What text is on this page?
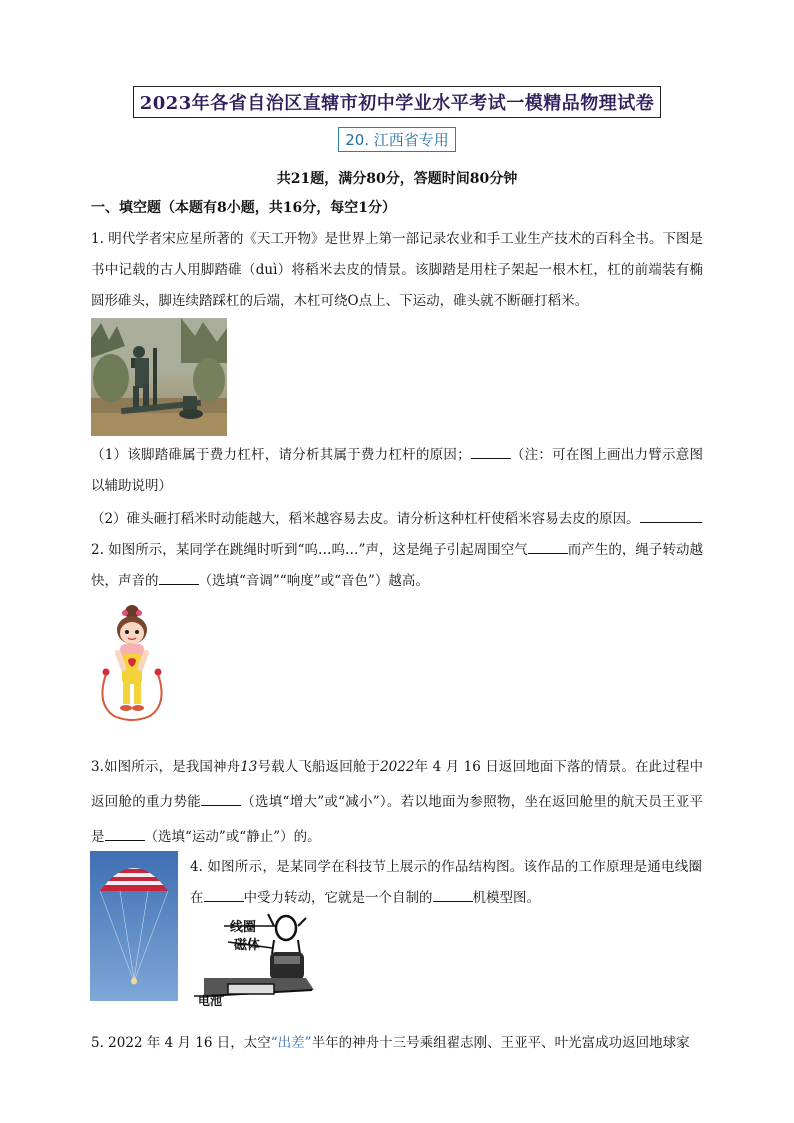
2023年各省自治区直辖市初中学业水平考试一模精品物理试卷
20. 江西省专用
共21题，满分80分，答题时间80分钟
一、填空题（本题有8小题，共16分，每空1分）
1. 明代学者宋应星所著的《天工开物》是世界上第一部记录农业和手工业生产技术的百科全书。下图是书中记载的古人用脚踏碓（duì）将稻米去皮的情景。该脚踏是用柱子架起一根木杠，杠的前端装有椭圆形碓头，脚连续踏踩杠的后端，木杠可绕O点上、下运动，碓头就不断砸打稻米。
（1）该脚踏碓属于费力杠杆，请分析其属于费力杠杆的原因；	（注：可在图上画出力臂示意图以辅助说明）
（2）碓头砸打稻米时动能越大，稻米越容易去皮。请分析这种杠杆使稻米容易去皮的原因。
2. 如图所示，某同学在跳绳时听到“呜…呜…”声，这是绳子引起周围空气	而产生的，绳子转动越快，声音的	（选填“音调”“响度”或“音色”）越高。
3.如图所示，是我国神舟13号载人飞船返回舱于2022年 4 月 16 日返回地面下落的情景。在此过程中返回舱的重力势能	（选填“增大”或“减小”）。若以地面为参照物，坐在返回舱里的航天员王亚平是	（选填“运动”或“静止”）的。
4. 如图所示，是某同学在科技节上展示的作品结构图。该作品的工作原理是通电线圈在	中受力转动，它就是一个自制的	机模型图。
线圈
磁体
电池
5. 2022 年 4 月 16 日，太空“出差”半年的神舟十三号乘组翟志刚、王亚平、叶光富成功返回地球家
